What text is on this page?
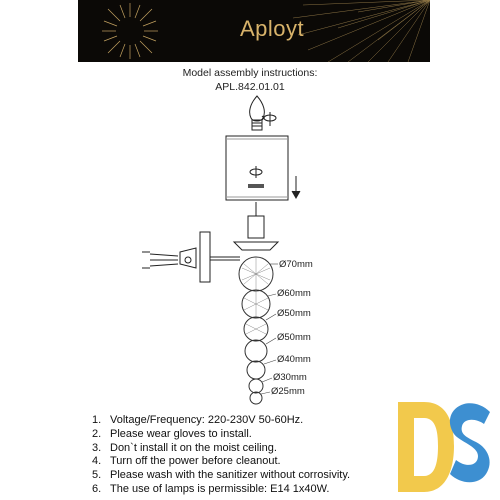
Aployt
Model assembly instructions:
APL.842.01.01
Ø70mm
Ø60mm
Ø50mm
Ø50mm
Ø40mm
Ø30mm
Ø25mm
1. Voltage/Frequency: 220-230V 50-60Hz.
2. Please wear gloves to install.
3. Don`t install it on the moist ceiling.
4. Turn off the power before cleanout.
5. Please wash with the sanitizer without corrosivity.
6. The use of lamps is permissible: E14 1x40W.
